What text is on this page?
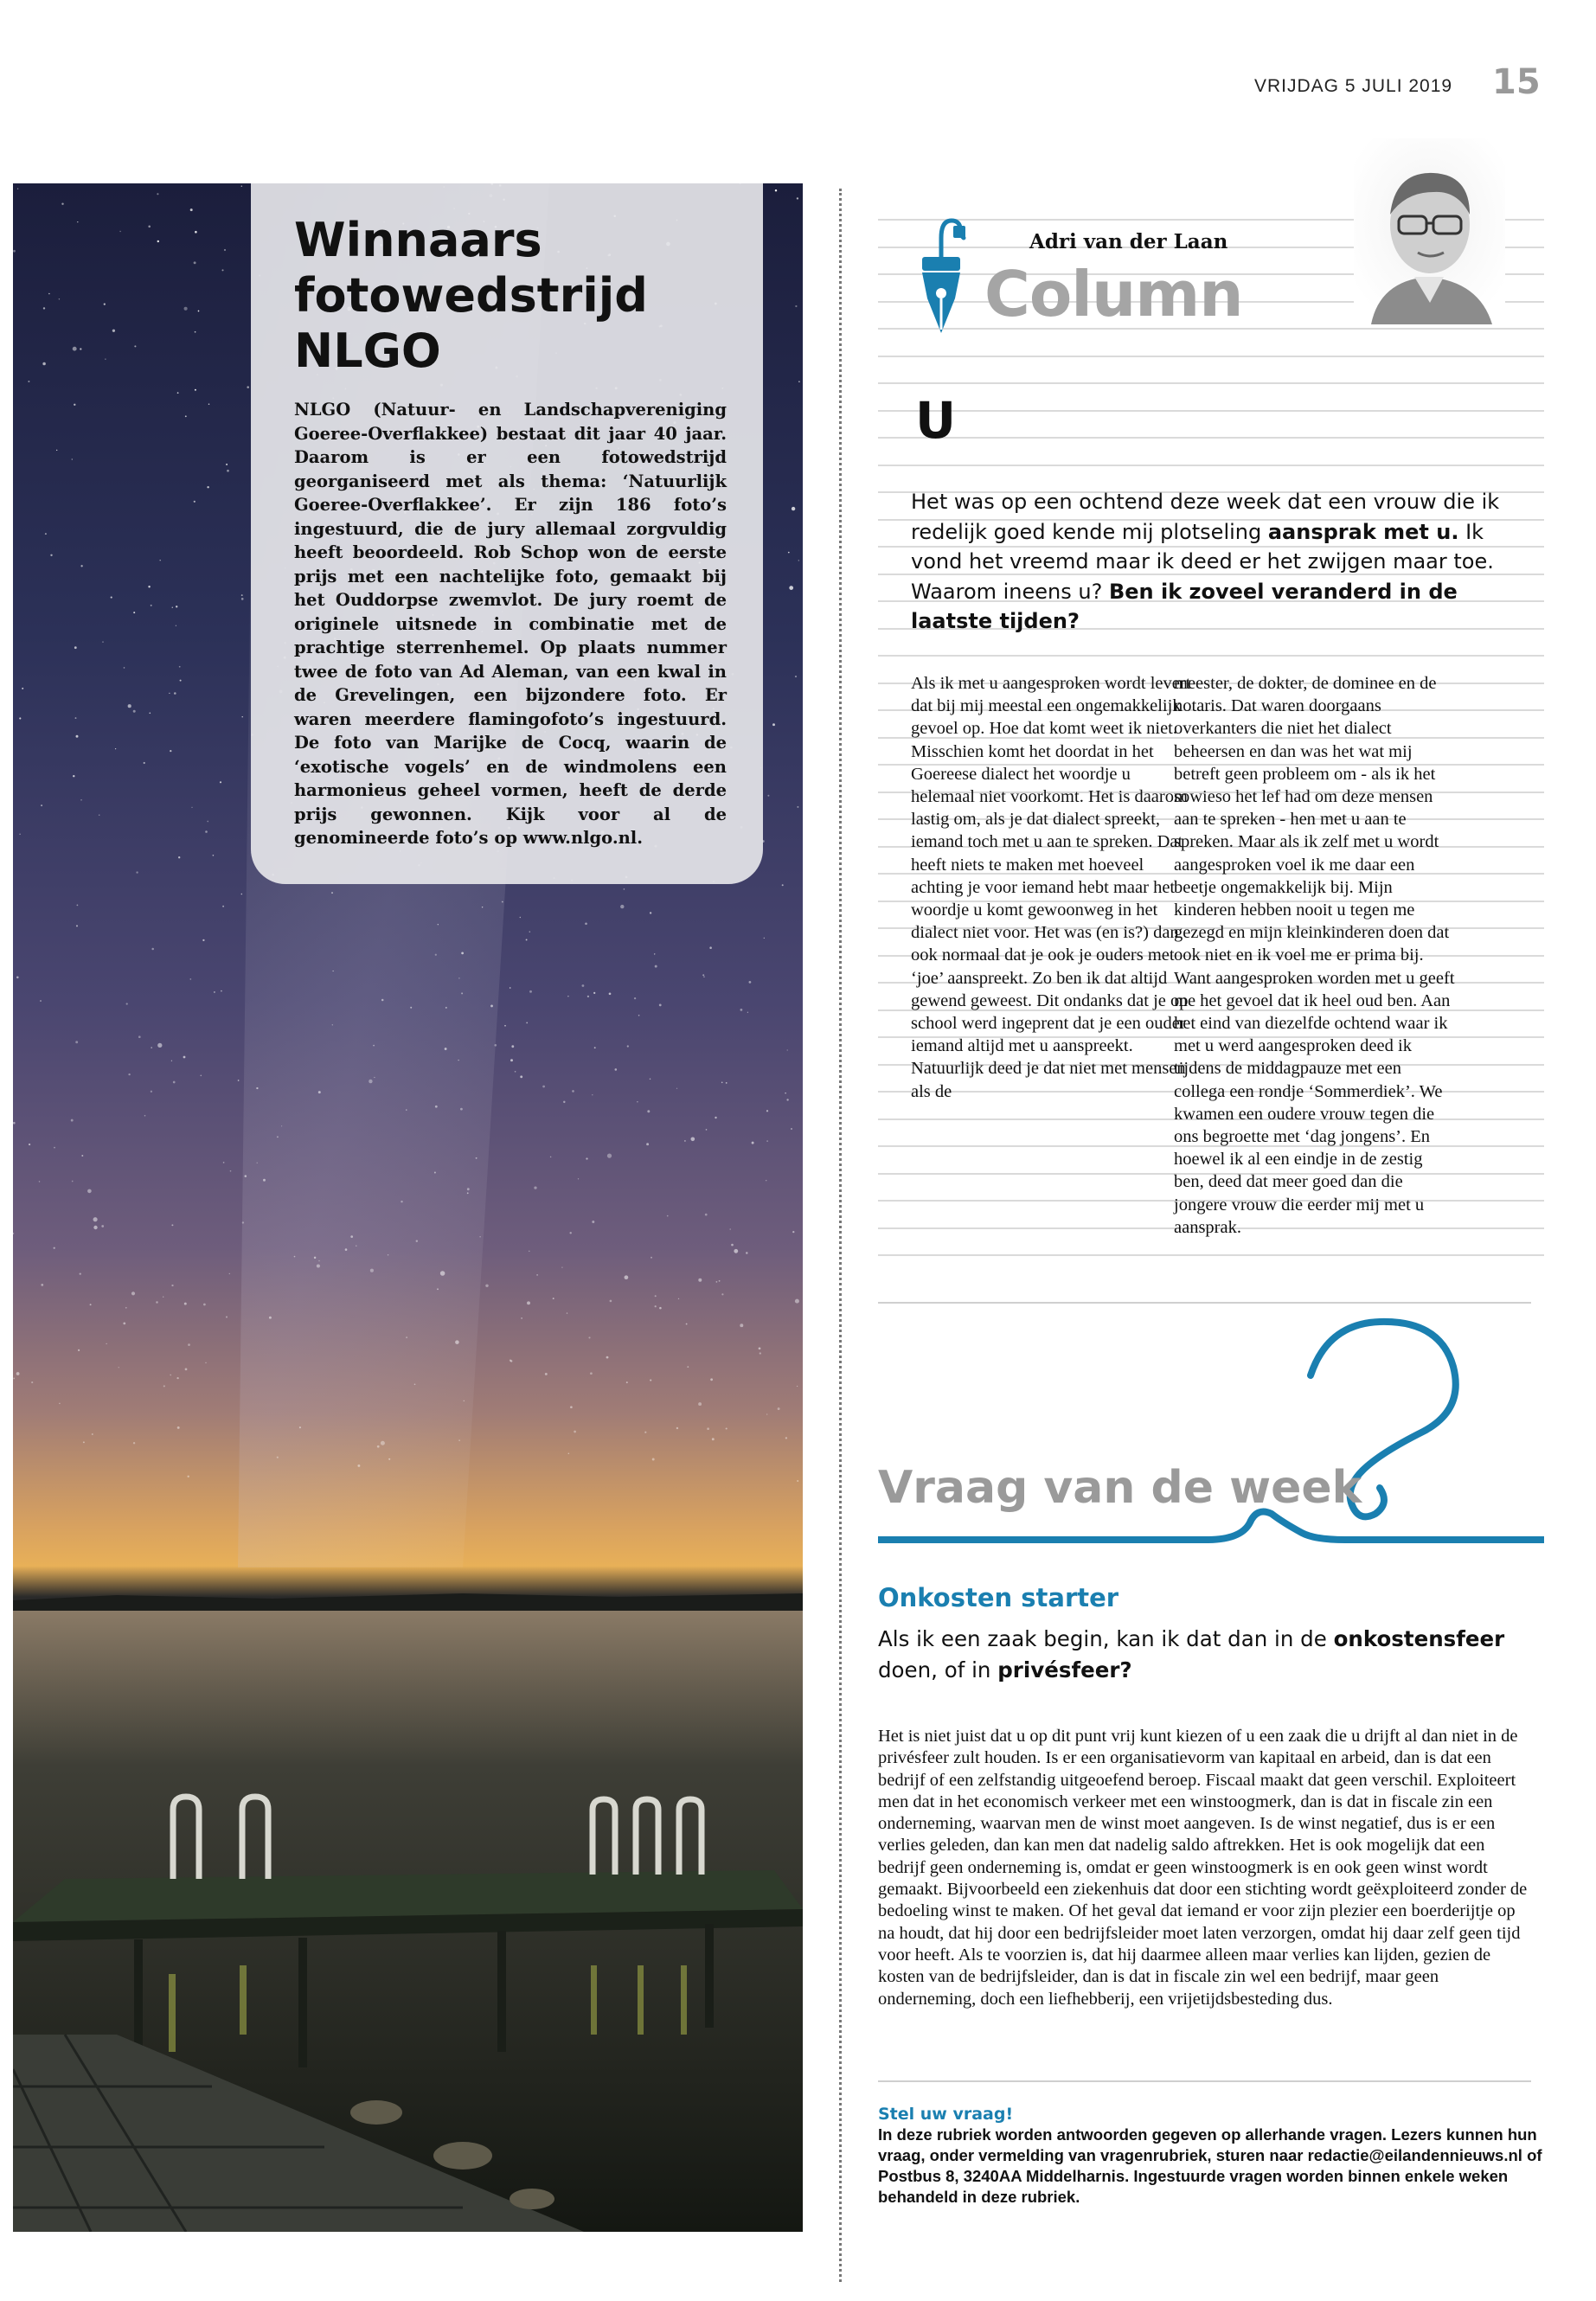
VRIJDAG 5 JULI 2019 15
Winnaars
fotowedstrijd
NLGO
NLGO (Natuur- en Landschapvereniging Goeree-Overflakkee) bestaat dit jaar 40 jaar. Daarom is er een fotowedstrijd georganiseerd met als thema: ‘Natuurlijk Goeree-Overflakkee’. Er zijn 186 foto’s ingestuurd, die de jury allemaal zorgvuldig heeft beoordeeld. Rob Schop won de eerste prijs met een nachtelijke foto, gemaakt bij het Ouddorpse zwemvlot. De jury roemt de originele uitsnede in combinatie met de prachtige sterrenhemel. Op plaats nummer twee de foto van Ad Aleman, van een kwal in de Grevelingen, een bijzondere foto. Er waren meerdere flamingofoto’s ingestuurd. De foto van Marijke de Cocq, waarin de ‘exotische vogels’ en de windmolens een harmonieus geheel vormen, heeft de derde prijs gewonnen. Kijk voor al de genomineerde foto’s op www.nlgo.nl.
Adri van der Laan
Column
U
Het was op een ochtend deze week dat een vrouw die ik redelijk goed kende mij plotseling aansprak met u. Ik vond het vreemd maar ik deed er het zwijgen maar toe. Waarom ineens u? Ben ik zoveel veranderd in de laatste tijden?
Als ik met u aangesproken wordt levert dat bij mij meestal een ongemakkelijk gevoel op. Hoe dat komt weet ik niet. Misschien komt het doordat in het Goereese dialect het woordje u helemaal niet voorkomt. Het is daarom lastig om, als je dat dialect spreekt, iemand toch met u aan te spreken. Dat heeft niets te maken met hoeveel achting je voor iemand hebt maar het woordje u komt gewoonweg in het dialect niet voor. Het was (en is?) dan ook normaal dat je ook je ouders met ‘joe’ aanspreekt. Zo ben ik dat altijd gewend geweest. Dit ondanks dat je op school werd ingeprent dat je een ouder iemand altijd met u aanspreekt. Natuurlijk deed je dat niet met mensen als de
meester, de dokter, de dominee en de notaris. Dat waren doorgaans overkanters die niet het dialect beheersen en dan was het wat mij betreft geen probleem om - als ik het sowieso het lef had om deze mensen aan te spreken - hen met u aan te spreken. Maar als ik zelf met u wordt aangesproken voel ik me daar een beetje ongemakkelijk bij. Mijn kinderen hebben nooit u tegen me gezegd en mijn kleinkinderen doen dat ook niet en ik voel me er prima bij. Want aangesproken worden met u geeft me het gevoel dat ik heel oud ben. Aan het eind van diezelfde ochtend waar ik met u werd aangesproken deed ik tijdens de middagpauze met een collega een rondje ‘Sommerdiek’. We kwamen een oudere vrouw tegen die ons begroette met ‘dag jongens’. En hoewel ik al een eindje in de zestig ben, deed dat meer goed dan die jongere vrouw die eerder mij met u aansprak.
Vraag van de week
Onkosten starter
Als ik een zaak begin, kan ik dat dan in de onkostensfeer doen, of in privésfeer?
Het is niet juist dat u op dit punt vrij kunt kiezen of u een zaak die u drijft al dan niet in de privésfeer zult houden. Is er een organisatievorm van kapitaal en arbeid, dan is dat een bedrijf of een zelfstandig uitgeoefend beroep. Fiscaal maakt dat geen verschil. Exploiteert men dat in het economisch verkeer met een winstoogmerk, dan is dat in fiscale zin een onderneming, waarvan men de winst moet aangeven. Is de winst negatief, dus is er een verlies geleden, dan kan men dat nadelig saldo aftrekken. Het is ook mogelijk dat een bedrijf geen onderneming is, omdat er geen winstoogmerk is en ook geen winst wordt gemaakt. Bijvoorbeeld een ziekenhuis dat door een stichting wordt geëxploiteerd zonder de bedoeling winst te maken. Of het geval dat iemand er voor zijn plezier een boerderijtje op na houdt, dat hij door een bedrijfsleider moet laten verzorgen, omdat hij daar zelf geen tijd voor heeft. Als te voorzien is, dat hij daarmee alleen maar verlies kan lijden, gezien de kosten van de bedrijfsleider, dan is dat in fiscale zin wel een bedrijf, maar geen onderneming, doch een liefhebberij, een vrijetijdsbesteding dus.
Stel uw vraag!
In deze rubriek worden antwoorden gegeven op allerhande vragen. Lezers kunnen hun vraag, onder vermelding van vragenrubriek, sturen naar redactie@eilandennieuws.nl of Postbus 8, 3240AA Middelharnis. Ingestuurde vragen worden binnen enkele weken behandeld in deze rubriek.
